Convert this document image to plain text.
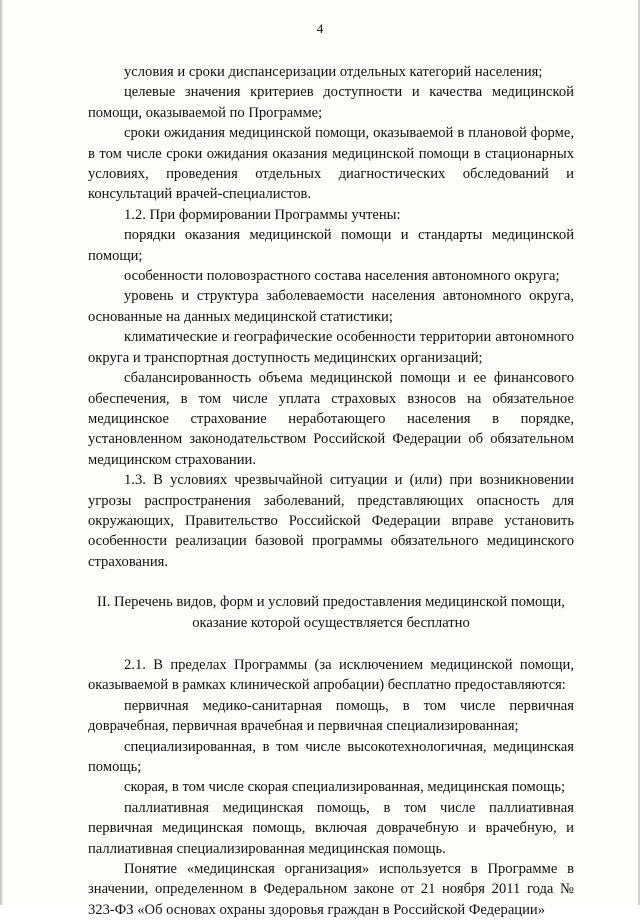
4

условия и сроки диспансеризации отдельных категорий населения;

целевые значения критериев доступности и качества медицинской помощи, оказываемой по Программе;

сроки ожидания медицинской помощи, оказываемой в плановой форме, в том числе сроки ожидания оказания медицинской помощи в стационарных условиях, проведения отдельных диагностических обследований и консультаций врачей-специалистов.

1.2. При формировании Программы учтены:

порядки оказания медицинской помощи и стандарты медицинской помощи;

особенности половозрастного состава населения автономного округа;

уровень и структура заболеваемости населения автономного округа, основанные на данных медицинской статистики;

климатические и географические особенности территории автономного округа и транспортная доступность медицинских организаций;

сбалансированность объема медицинской помощи и ее финансового обеспечения, в том числе уплата страховых взносов на обязательное медицинское страхование неработающего населения в порядке, установленном законодательством Российской Федерации об обязательном медицинском страховании.

1.3. В условиях чрезвычайной ситуации и (или) при возникновении угрозы распространения заболеваний, представляющих опасность для окружающих, Правительство Российской Федерации вправе установить особенности реализации базовой программы обязательного медицинского страхования.

II. Перечень видов, форм и условий предоставления медицинской помощи,
оказание которой осуществляется бесплатно

2.1. В пределах Программы (за исключением медицинской помощи, оказываемой в рамках клинической апробации) бесплатно предоставляются:

первичная медико-санитарная помощь, в том числе первичная доврачебная, первичная врачебная и первичная специализированная;

специализированная, в том числе высокотехнологичная, медицинская помощь;

скорая, в том числе скорая специализированная, медицинская помощь;

паллиативная медицинская помощь, в том числе паллиативная первичная медицинская помощь, включая доврачебную и врачебную, и паллиативная специализированная медицинская помощь.

Понятие «медицинская организация» используется в Программе в значении, определенном в Федеральном законе от 21 ноября 2011 года № 323-ФЗ «Об основах охраны здоровья граждан в Российской Федерации»
